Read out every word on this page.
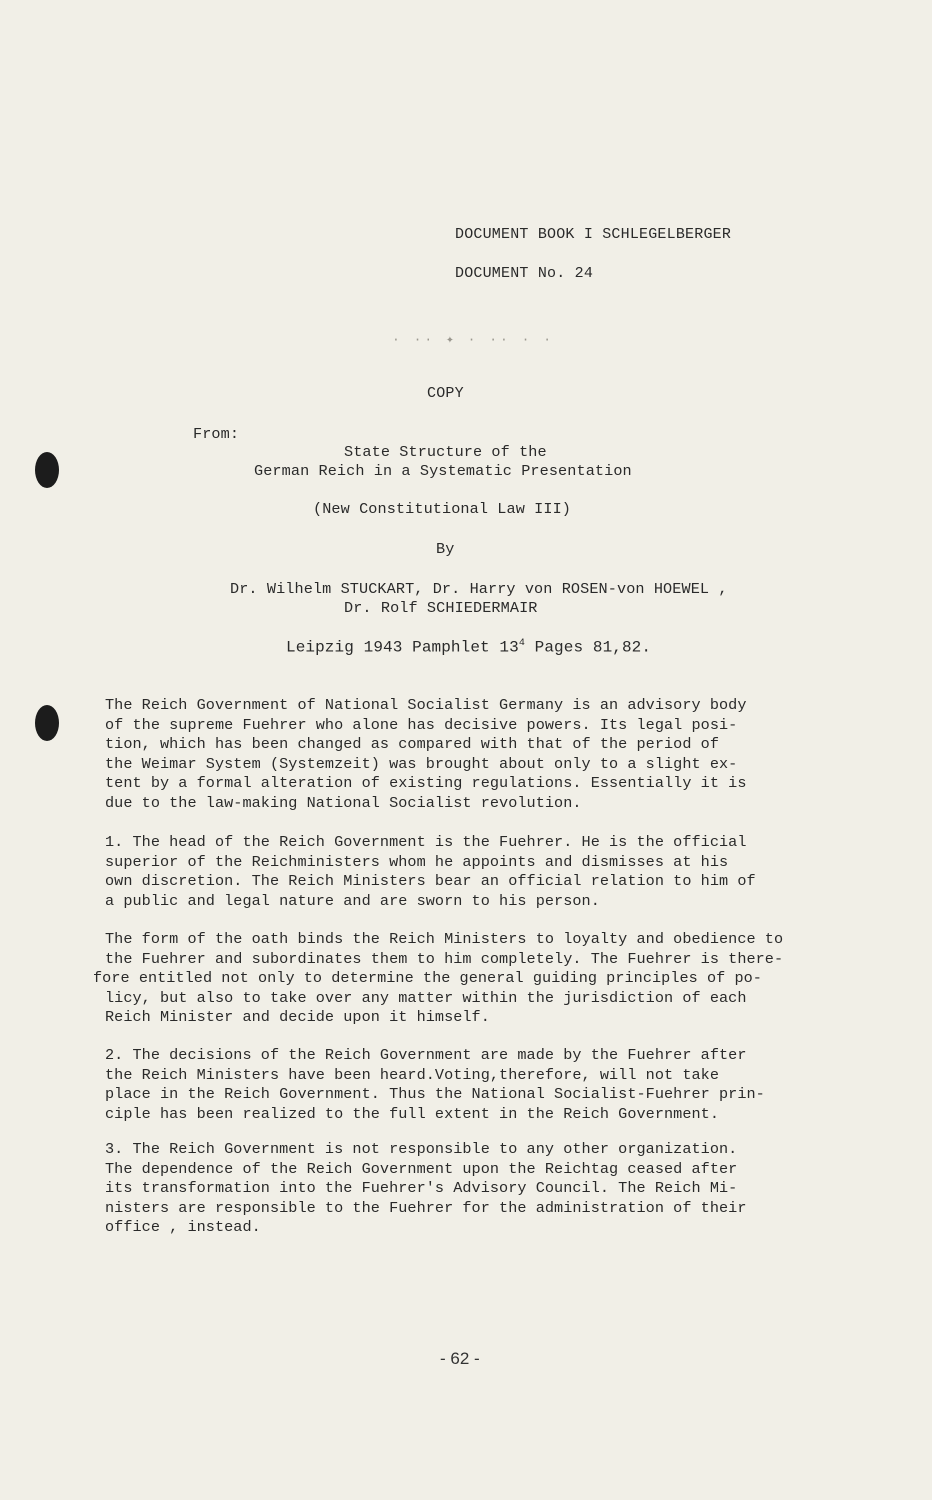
DOCUMENT BOOK I SCHLEGELBERGER
DOCUMENT No. 24
· ·· ✦ · ·· · ·
COPY
From:
State Structure of the
German Reich in a Systematic Presentation
(New Constitutional Law III)
By
Dr. Wilhelm STUCKART, Dr. Harry von ROSEN-von HOEWEL ,
Dr. Rolf SCHIEDERMAIR
Leipzig 1943 Pamphlet $13^4$ Pages 81,82.
The Reich Government of National Socialist Germany is an advisory body
of the supreme Fuehrer who alone has decisive powers. Its legal posi-
tion, which has been changed as compared with that of the period of
the Weimar System (Systemzeit) was brought about only to a slight ex-
tent by a formal alteration of existing regulations. Essentially it is
due to the law-making National Socialist revolution.
1. The head of the Reich Government is the Fuehrer. He is the official
superior of the Reichministers whom he appoints and dismisses at his
own discretion. The Reich Ministers bear an official relation to him of
a public and legal nature and are sworn to his person.
The form of the oath binds the Reich Ministers to loyalty and obedience to
the Fuehrer and subordinates them to him completely. The Fuehrer is there-
fore entitled not only to determine the general guiding principles of po-
licy, but also to take over any matter within the jurisdiction of each
Reich Minister and decide upon it himself.
2. The decisions of the Reich Government are made by the Fuehrer after
the Reich Ministers have been heard.Voting,therefore, will not take
place in the Reich Government. Thus the National Socialist-Fuehrer prin-
ciple has been realized to the full extent in the Reich Government.
3. The Reich Government is not responsible to any other organization.
The dependence of the Reich Government upon the Reichtag ceased after
its transformation into the Fuehrer's Advisory Council. The Reich Mi-
nisters are responsible to the Fuehrer for the administration of their
office , instead.
- 62 -
